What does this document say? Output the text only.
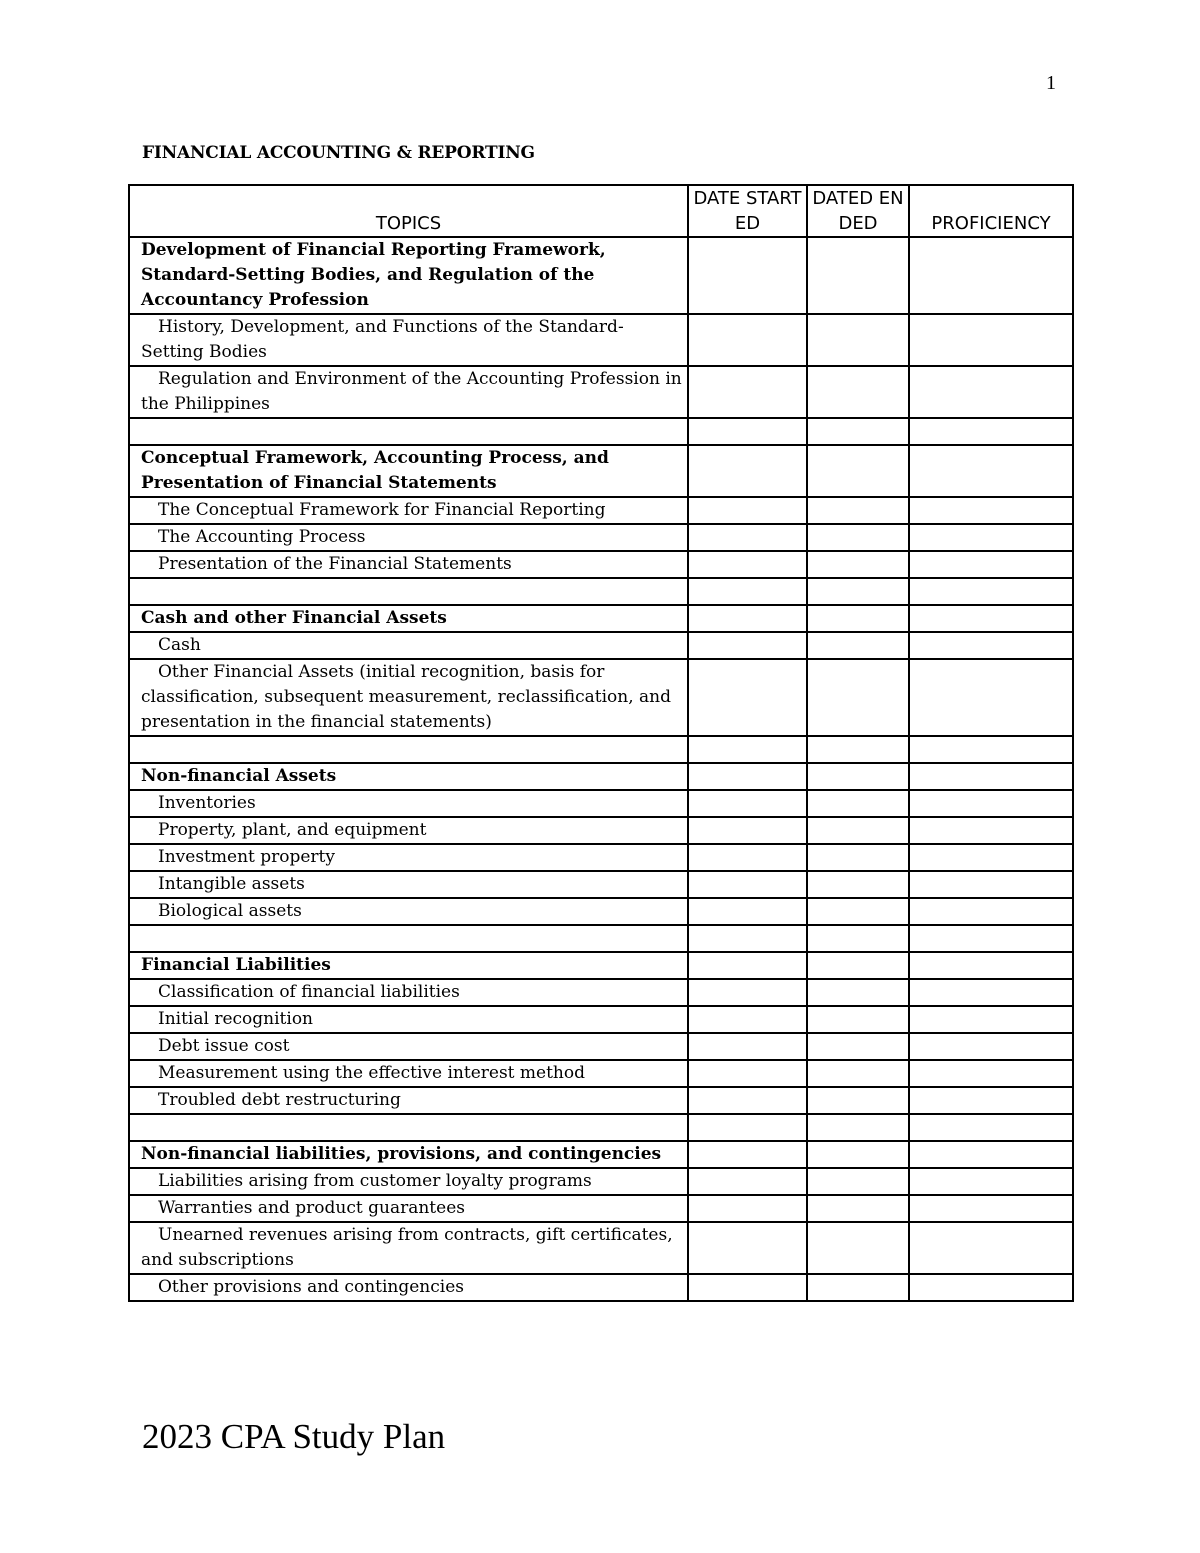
1
FINANCIAL ACCOUNTING & REPORTING
TOPICS	DATE STARTED	DATED ENDED	PROFICIENCY
Development of Financial Reporting Framework, Standard-Setting Bodies, and Regulation of the Accountancy Profession			
History, Development, and Functions of the Standard-Setting Bodies			
Regulation and Environment of the Accounting Profession in the Philippines			

Conceptual Framework, Accounting Process, and Presentation of Financial Statements			
The Conceptual Framework for Financial Reporting			
The Accounting Process			
Presentation of the Financial Statements			

Cash and other Financial Assets			
Cash			
Other Financial Assets (initial recognition, basis for classification, subsequent measurement, reclassification, and presentation in the financial statements)			

Non-financial Assets			
Inventories			
Property, plant, and equipment			
Investment property			
Intangible assets			
Biological assets			

Financial Liabilities			
Classification of financial liabilities			
Initial recognition			
Debt issue cost			
Measurement using the effective interest method			
Troubled debt restructuring			

Non-financial liabilities, provisions, and contingencies			
Liabilities arising from customer loyalty programs			
Warranties and product guarantees			
Unearned revenues arising from contracts, gift certificates, and subscriptions			
Other provisions and contingencies			
2023 CPA Study Plan
